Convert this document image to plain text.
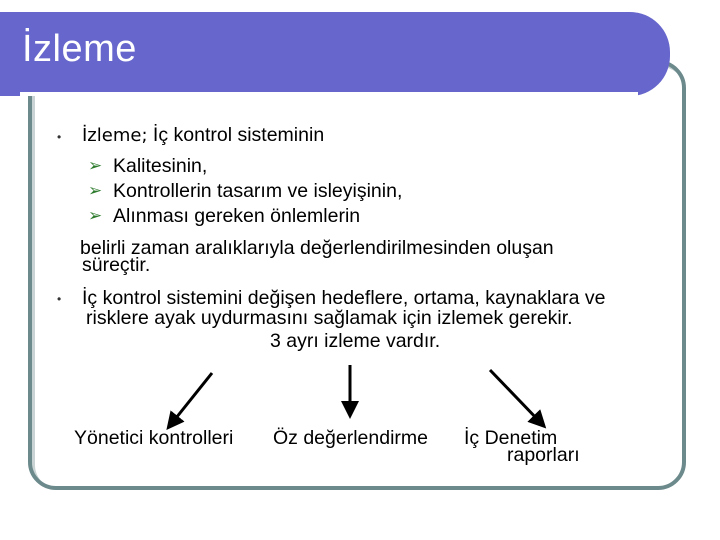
İzleme
• İzleme; İç kontrol sisteminin
➢ Kalitesinin,
➢ Kontrollerin tasarım ve isleyişinin,
➢ Alınması gereken önlemlerin
belirli zaman aralıklarıyla değerlendirilmesinden oluşan
süreçtir.
• İç kontrol sistemini değişen hedeflere, ortama, kaynaklara ve
risklere ayak uydurmasını sağlamak için izlemek gerekir.
3 ayrı izleme vardır.
Yönetici kontrolleri Öz değerlendirme İç Denetim
raporları
